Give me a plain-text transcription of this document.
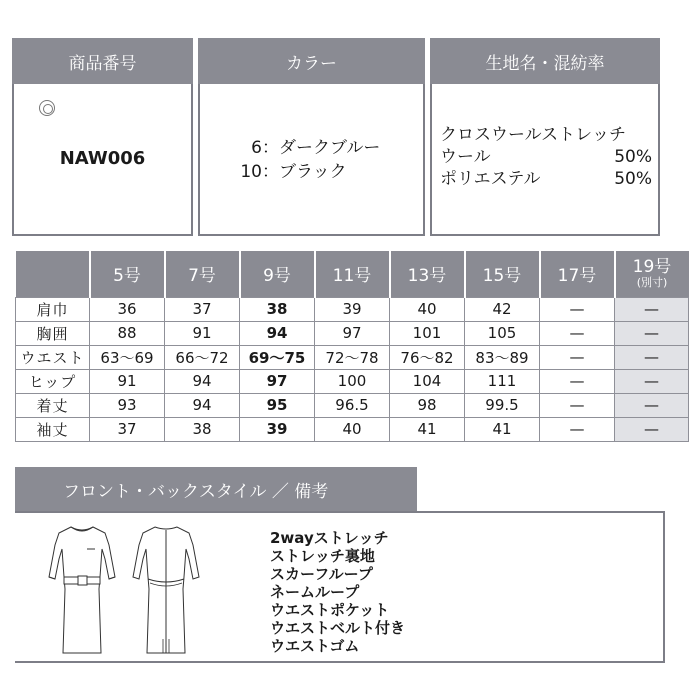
商品番号	カラー	生地名・混紡率
NAW006	6 ：ダークブルー
10 ：ブラック
クロスウールストレッチ
ウール	50%
ポリエステル	50%
	5号	7号	9号	11号	13号	15号	17号	19号
(別寸)

肩巾	36	37	38	39	40	42	—	—
胸囲	88	91	94	97	101	105	—	—
ウエスト	63〜69	66〜72	69〜75	72〜78	76〜82	83〜89	—	—
ヒップ	91	94	97	100	104	111	—	—
着丈	93	94	95	96.5	98	99.5	—	—
袖丈	37	38	39	40	41	41	—	—
フロント・バックスタイル ／ 備考
2wayストレッチ
ストレッチ裏地
スカーフループ
ネームループ
ウエストポケット
ウエストベルト付き
ウエストゴム
